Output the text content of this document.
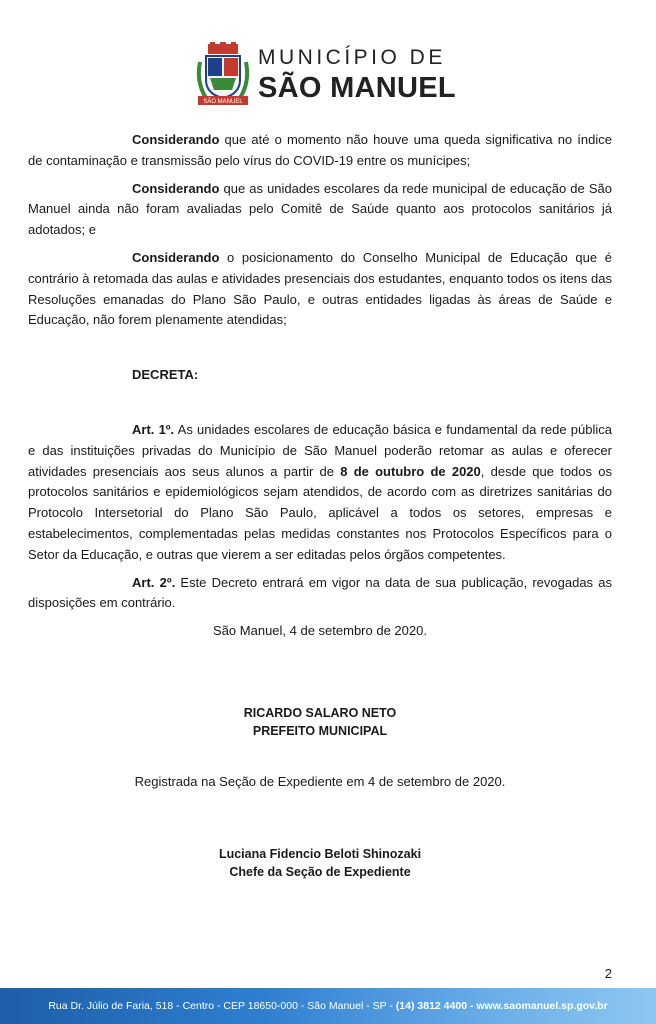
SÃO MANUEL
MUNICÍPIO DE
SÃO MANUEL

Considerando que até o momento não houve uma queda significativa no índice de contaminação e transmissão pelo vírus do COVID-19 entre os munícipes;

Considerando que as unidades escolares da rede municipal de educação de São Manuel ainda não foram avaliadas pelo Comitê de Saúde quanto aos protocolos sanitários já adotados; e

Considerando o posicionamento do Conselho Municipal de Educação que é contrário à retomada das aulas e atividades presenciais dos estudantes, enquanto todos os itens das Resoluções emanadas do Plano São Paulo, e outras entidades ligadas às áreas de Saúde e Educação, não forem plenamente atendidas;

DECRETA:

Art. 1º. As unidades escolares de educação básica e fundamental da rede pública e das instituições privadas do Município de São Manuel poderão retomar as aulas e oferecer atividades presenciais aos seus alunos a partir de 8 de outubro de 2020, desde que todos os protocolos sanitários e epidemiológicos sejam atendidos, de acordo com as diretrizes sanitárias do Protocolo Intersetorial do Plano São Paulo, aplicável a todos os setores, empresas e estabelecimentos, complementadas pelas medidas constantes nos Protocolos Específicos para o Setor da Educação, e outras que vierem a ser editadas pelos órgãos competentes.

Art. 2º. Este Decreto entrará em vigor na data de sua publicação, revogadas as disposições em contrário.

São Manuel, 4 de setembro de 2020.

RICARDO SALARO NETO
PREFEITO MUNICIPAL

Registrada na Seção de Expediente em 4 de setembro de 2020.

Luciana Fidencio Beloti Shinozaki
Chefe da Seção de Expediente
2
Rua Dr. Júlio de Faria, 518 - Centro - CEP 18650-000 - São Manuel - SP - (14) 3812 4400 - www.saomanuel.sp.gov.br
